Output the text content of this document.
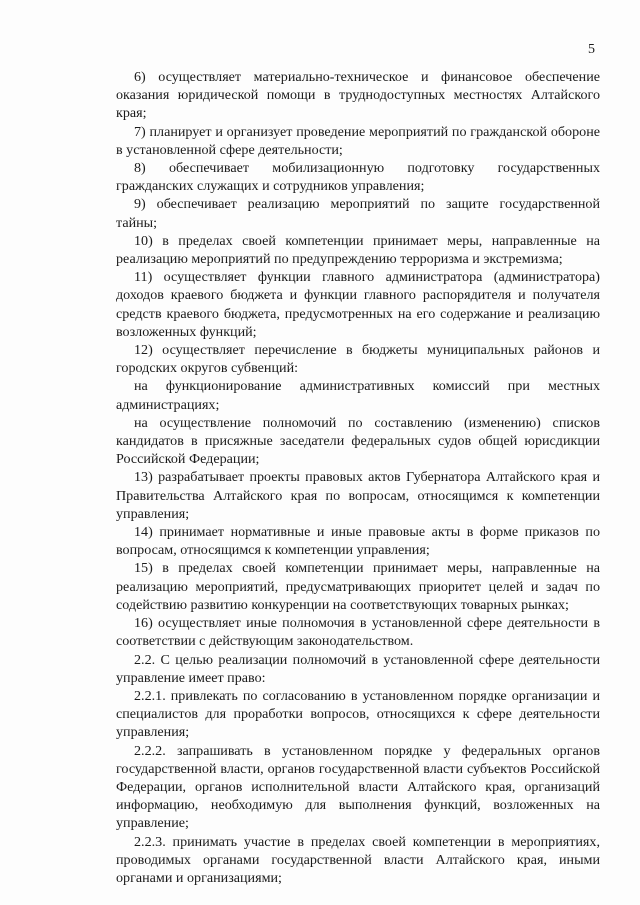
5

6) осуществляет материально-техническое и финансовое обеспечение оказания юридической помощи в труднодоступных местностях Алтайского края;

7) планирует и организует проведение мероприятий по гражданской обороне в установленной сфере деятельности;

8) обеспечивает мобилизационную подготовку государственных гражданских служащих и сотрудников управления;

9) обеспечивает реализацию мероприятий по защите государственной тайны;

10) в пределах своей компетенции принимает меры, направленные на реализацию мероприятий по предупреждению терроризма и экстремизма;

11) осуществляет функции главного администратора (администратора) доходов краевого бюджета и функции главного распорядителя и получателя средств краевого бюджета, предусмотренных на его содержание и реализацию возложенных функций;

12) осуществляет перечисление в бюджеты муниципальных районов и городских округов субвенций:

на функционирование административных комиссий при местных администрациях;

на осуществление полномочий по составлению (изменению) списков кандидатов в присяжные заседатели федеральных судов общей юрисдикции Российской Федерации;

13) разрабатывает проекты правовых актов Губернатора Алтайского края и Правительства Алтайского края по вопросам, относящимся к компетенции управления;

14) принимает нормативные и иные правовые акты в форме приказов по вопросам, относящимся к компетенции управления;

15) в пределах своей компетенции принимает меры, направленные на реализацию мероприятий, предусматривающих приоритет целей и задач по содействию развитию конкуренции на соответствующих товарных рынках;

16) осуществляет иные полномочия в установленной сфере деятельности в соответствии с действующим законодательством.

2.2. С целью реализации полномочий в установленной сфере деятельности управление имеет право:

2.2.1. привлекать по согласованию в установленном порядке организации и специалистов для проработки вопросов, относящихся к сфере деятельности управления;

2.2.2. запрашивать в установленном порядке у федеральных органов государственной власти, органов государственной власти субъектов Российской Федерации, органов исполнительной власти Алтайского края, организаций информацию, необходимую для выполнения функций, возложенных на управление;

2.2.3. принимать участие в пределах своей компетенции в мероприятиях, проводимых органами государственной власти Алтайского края, иными органами и организациями;
